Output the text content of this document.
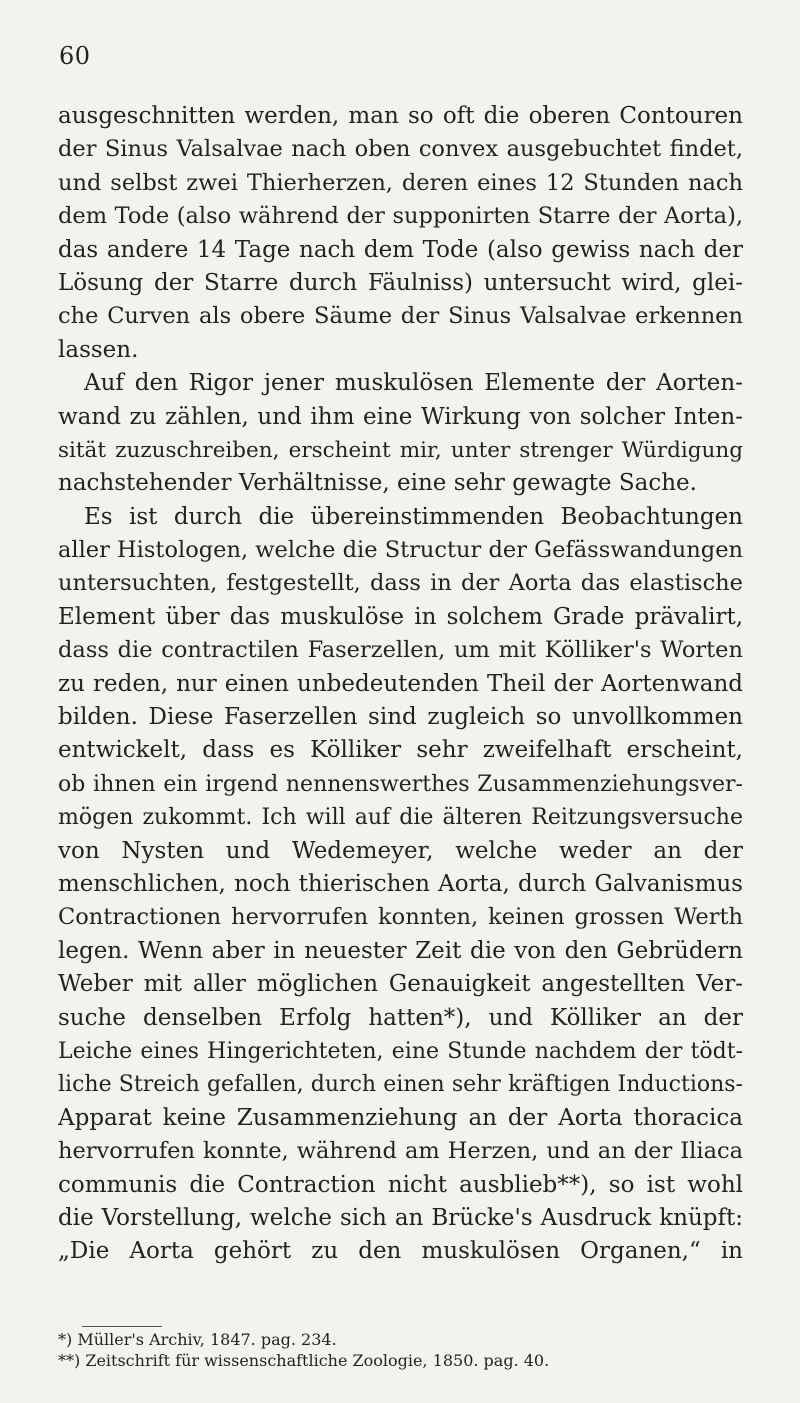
60
ausgeschnitten werden, man so oft die oberen Contouren
der Sinus Valsalvae nach oben convex ausgebuchtet findet,
und selbst zwei Thierherzen, deren eines 12 Stunden nach
dem Tode (also während der supponirten Starre der Aorta),
das andere 14 Tage nach dem Tode (also gewiss nach der
Lösung der Starre durch Fäulniss) untersucht wird, glei-
che Curven als obere Säume der Sinus Valsalvae erkennen
lassen.
Auf den Rigor jener muskulösen Elemente der Aorten-
wand zu zählen, und ihm eine Wirkung von solcher Inten-
sität zuzuschreiben, erscheint mir, unter strenger Würdigung
nachstehender Verhältnisse, eine sehr gewagte Sache.
Es ist durch die übereinstimmenden Beobachtungen
aller Histologen, welche die Structur der Gefässwandungen
untersuchten, festgestellt, dass in der Aorta das elastische
Element über das muskulöse in solchem Grade prävalirt,
dass die contractilen Faserzellen, um mit Kölliker's Worten
zu reden, nur einen unbedeutenden Theil der Aortenwand
bilden. Diese Faserzellen sind zugleich so unvollkommen
entwickelt, dass es Kölliker sehr zweifelhaft erscheint,
ob ihnen ein irgend nennenswerthes Zusammenziehungsver-
mögen zukommt. Ich will auf die älteren Reitzungsversuche
von Nysten und Wedemeyer, welche weder an der
menschlichen, noch thierischen Aorta, durch Galvanismus
Contractionen hervorrufen konnten, keinen grossen Werth
legen. Wenn aber in neuester Zeit die von den Gebrüdern
Weber mit aller möglichen Genauigkeit angestellten Ver-
suche denselben Erfolg hatten*), und Kölliker an der
Leiche eines Hingerichteten, eine Stunde nachdem der tödt-
liche Streich gefallen, durch einen sehr kräftigen Inductions-
Apparat keine Zusammenziehung an der Aorta thoracica
hervorrufen konnte, während am Herzen, und an der Iliaca
communis die Contraction nicht ausblieb**), so ist wohl
die Vorstellung, welche sich an Brücke's Ausdruck knüpft:
„Die Aorta gehört zu den muskulösen Organen,“ in
*) Müller's Archiv, 1847. pag. 234.
**) Zeitschrift für wissenschaftliche Zoologie, 1850. pag. 40.
